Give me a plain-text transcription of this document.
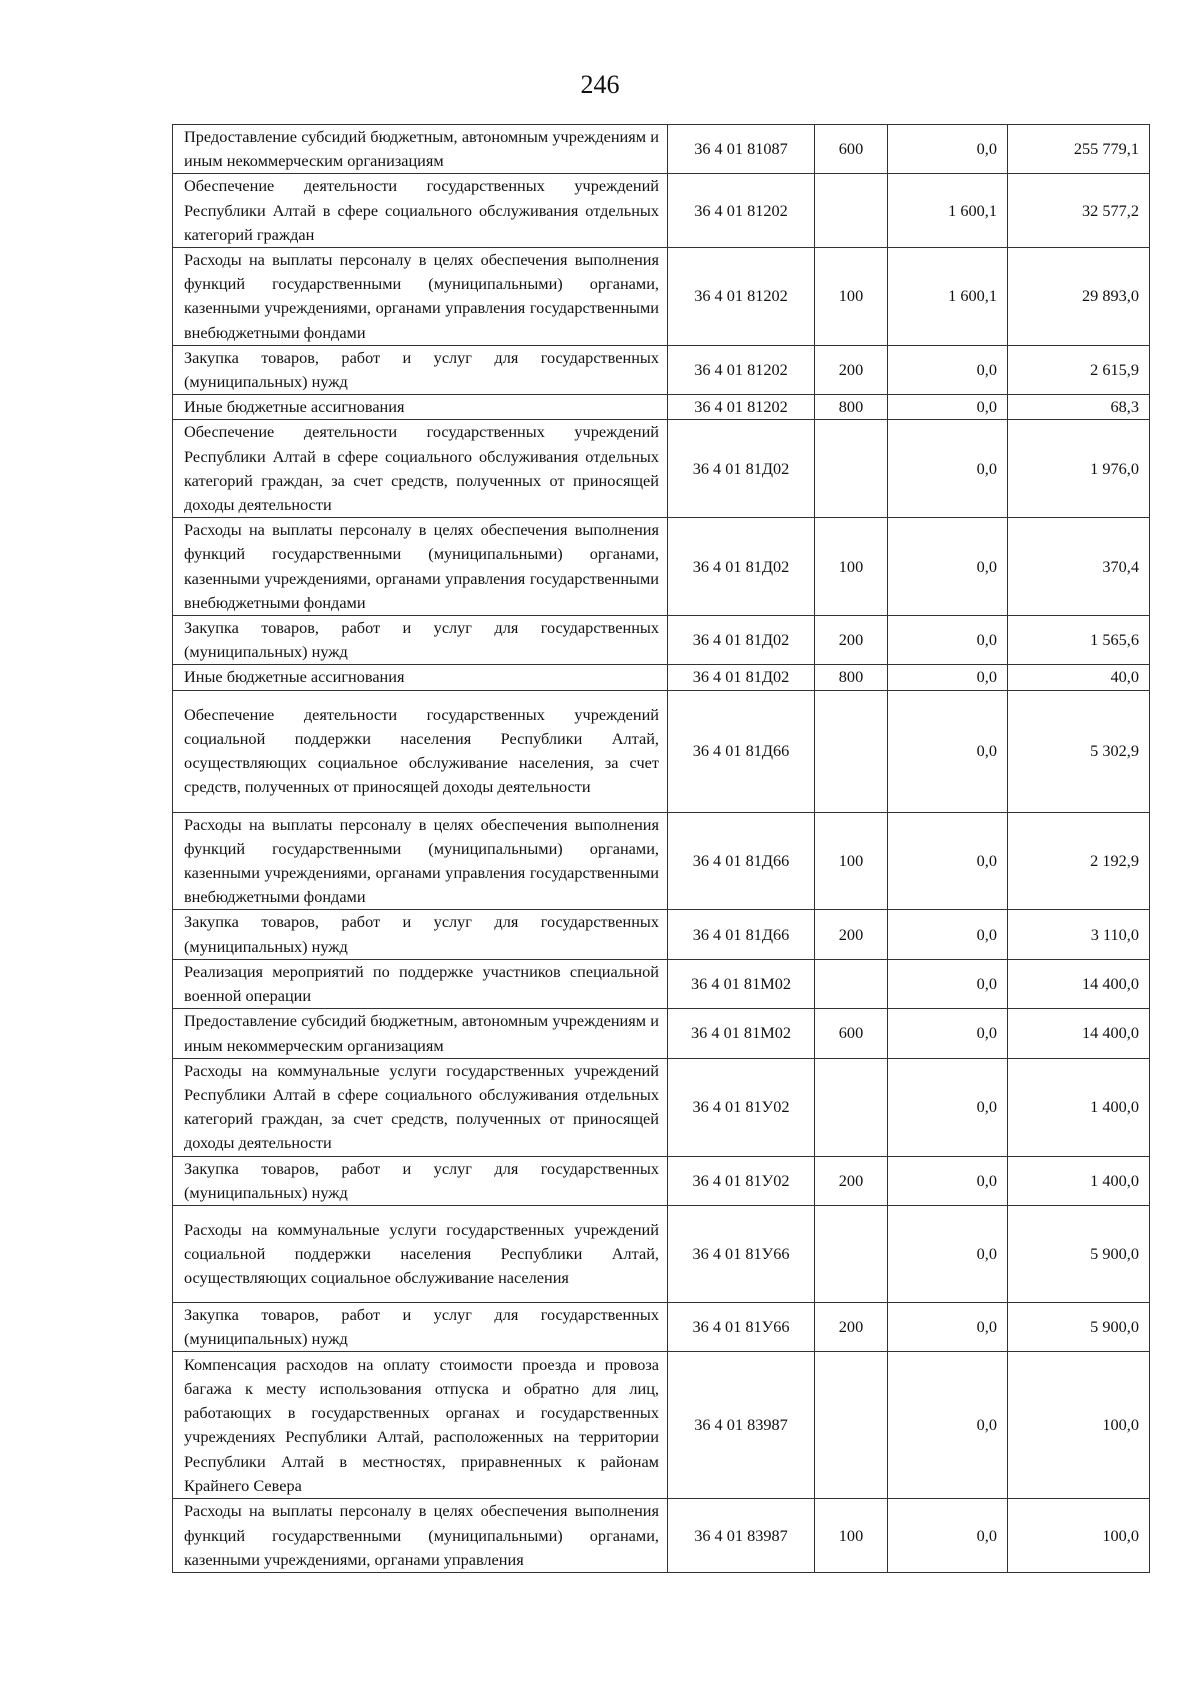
246
Предоставление субсидий бюджетным, автономным учреждениям и иным некоммерческим организациям	36 4 01 81087	600	0,0	255 779,1
Обеспечение деятельности государственных учреждений Республики Алтай в сфере социального обслуживания отдельных категорий граждан	36 4 01 81202		1 600,1	32 577,2
Расходы на выплаты персоналу в целях обеспечения выполнения функций государственными (муниципальными) органами, казенными учреждениями, органами управления государственными внебюджетными фондами	36 4 01 81202	100	1 600,1	29 893,0
Закупка товаров, работ и услуг для государственных (муниципальных) нужд	36 4 01 81202	200	0,0	2 615,9
Иные бюджетные ассигнования	36 4 01 81202	800	0,0	68,3
Обеспечение деятельности государственных учреждений Республики Алтай в сфере социального обслуживания отдельных категорий граждан, за счет средств, полученных от приносящей доходы деятельности	36 4 01 81Д02		0,0	1 976,0
Расходы на выплаты персоналу в целях обеспечения выполнения функций государственными (муниципальными) органами, казенными учреждениями, органами управления государственными внебюджетными фондами	36 4 01 81Д02	100	0,0	370,4
Закупка товаров, работ и услуг для государственных (муниципальных) нужд	36 4 01 81Д02	200	0,0	1 565,6
Иные бюджетные ассигнования	36 4 01 81Д02	800	0,0	40,0
Обеспечение деятельности государственных учреждений социальной поддержки населения Республики Алтай, осуществляющих социальное обслуживание населения, за счет средств, полученных от приносящей доходы деятельности	36 4 01 81Д66		0,0	5 302,9
Расходы на выплаты персоналу в целях обеспечения выполнения функций государственными (муниципальными) органами, казенными учреждениями, органами управления государственными внебюджетными фондами	36 4 01 81Д66	100	0,0	2 192,9
Закупка товаров, работ и услуг для государственных (муниципальных) нужд	36 4 01 81Д66	200	0,0	3 110,0
Реализация мероприятий по поддержке участников специальной военной операции	36 4 01 81М02		0,0	14 400,0
Предоставление субсидий бюджетным, автономным учреждениям и иным некоммерческим организациям	36 4 01 81М02	600	0,0	14 400,0
Расходы на коммунальные услуги государственных учреждений Республики Алтай в сфере социального обслуживания отдельных категорий граждан, за счет средств, полученных от приносящей доходы деятельности	36 4 01 81У02		0,0	1 400,0
Закупка товаров, работ и услуг для государственных (муниципальных) нужд	36 4 01 81У02	200	0,0	1 400,0
Расходы на коммунальные услуги государственных учреждений социальной поддержки населения Республики Алтай, осуществляющих социальное обслуживание населения	36 4 01 81У66		0,0	5 900,0
Закупка товаров, работ и услуг для государственных (муниципальных) нужд	36 4 01 81У66	200	0,0	5 900,0
Компенсация расходов на оплату стоимости проезда и провоза багажа к месту использования отпуска и обратно для лиц, работающих в государственных органах и государственных учреждениях Республики Алтай, расположенных на территории Республики Алтай в местностях, приравненных к районам Крайнего Севера	36 4 01 83987		0,0	100,0
Расходы на выплаты персоналу в целях обеспечения выполнения функций государственными (муниципальными) органами, казенными учреждениями, органами управления	36 4 01 83987	100	0,0	100,0
